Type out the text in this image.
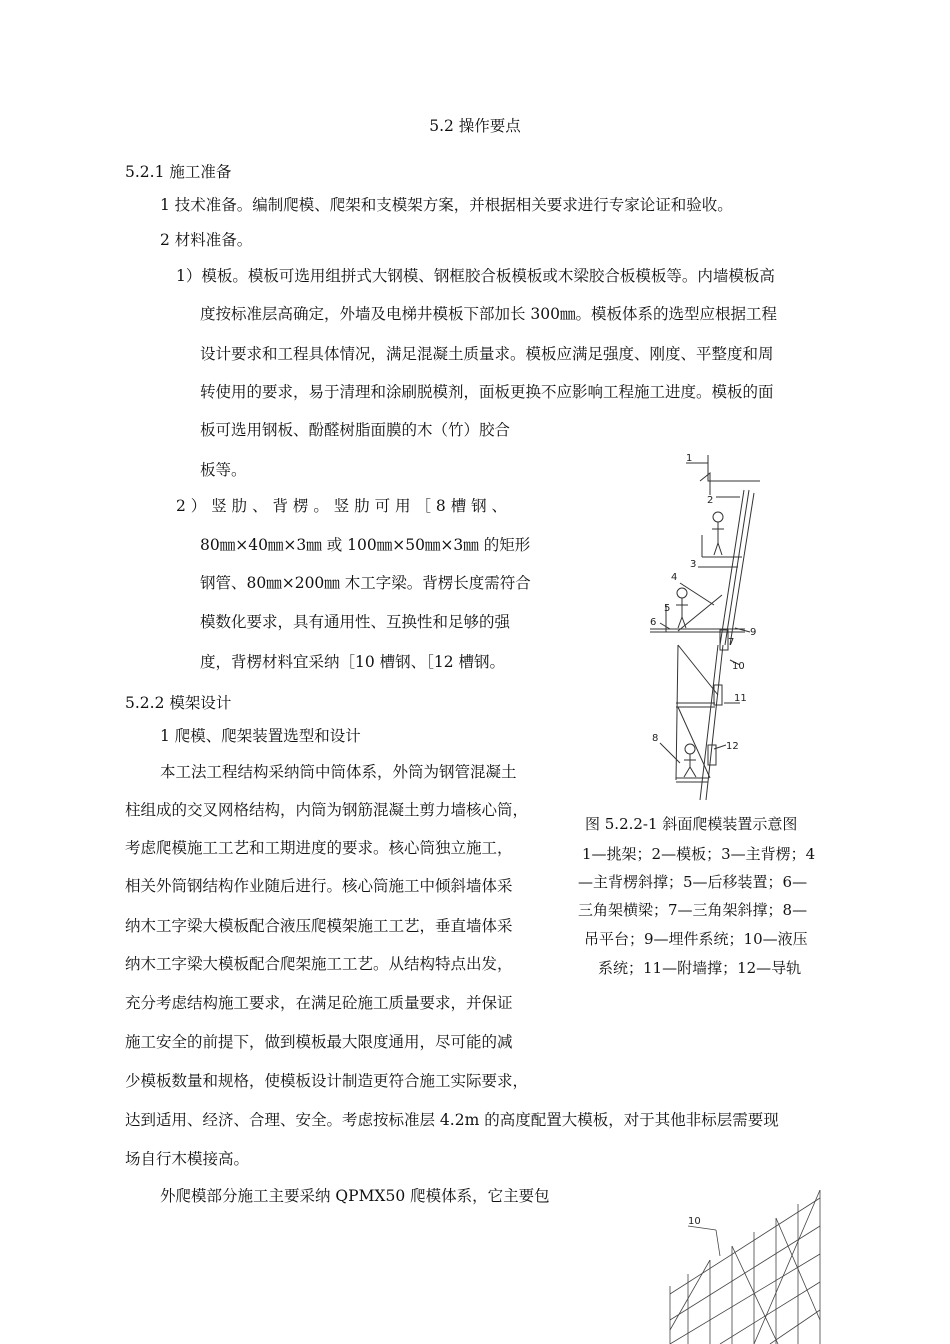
5.2 操作要点
5.2.1 施工准备
1 技术准备。编制爬模、爬架和支模架方案，并根据相关要求进行专家论证和验收。
2 材料准备。
1）模板。模板可选用组拼式大钢模、钢框胶合板模板或木梁胶合板模板等。内墙模板高
度按标准层高确定，外墙及电梯井模板下部加长 300㎜。模板体系的选型应根据工程
设计要求和工程具体情况，满足混凝土质量求。模板应满足强度、刚度、平整度和周
转使用的要求，易于清理和涂刷脱模剂，面板更换不应影响工程施工进度。模板的面
板可选用钢板、酚醛树脂面膜的木（竹）胶合
板等。
2 ） 竖 肋 、 背 楞 。 竖 肋 可 用 ［ 8 槽 钢 、
80㎜×40㎜×3㎜ 或 100㎜×50㎜×3㎜ 的矩形
钢管、80㎜×200㎜ 木工字梁。背楞长度需符合
模数化要求，具有通用性、互换性和足够的强
度，背楞材料宜采纳［10 槽钢、［12 槽钢。
5.2.2 模架设计
1 爬模、爬架装置选型和设计
本工法工程结构采纳筒中筒体系，外筒为钢管混凝土
柱组成的交叉网格结构，内筒为钢筋混凝土剪力墙核心筒，
考虑爬模施工工艺和工期进度的要求。核心筒独立施工，
相关外筒钢结构作业随后进行。核心筒施工中倾斜墙体采
纳木工字梁大模板配合液压爬模架施工工艺，垂直墙体采
纳木工字梁大模板配合爬架施工工艺。从结构特点出发，
充分考虑结构施工要求，在满足砼施工质量要求，并保证
施工安全的前提下，做到模板最大限度通用，尽可能的减
少模板数量和规格，使模板设计制造更符合施工实际要求，
达到适用、经济、合理、安全。考虑按标准层 4.2m 的高度配置大模板，对于其他非标层需要现
场自行木模接高。
外爬模部分施工主要采纳 QPMX50 爬模体系，它主要包
1
2
3
4
5
6
7
8
9
10
11
12
图 5.2.2-1 斜面爬模装置示意图
1—挑架；2—模板；3—主背楞；4
—主背楞斜撑；5—后移装置；6—
三角架横梁；7—三角架斜撑；8—
吊平台；9—埋件系统；10—液压
系统；11—附墙撑；12—导轨
10
